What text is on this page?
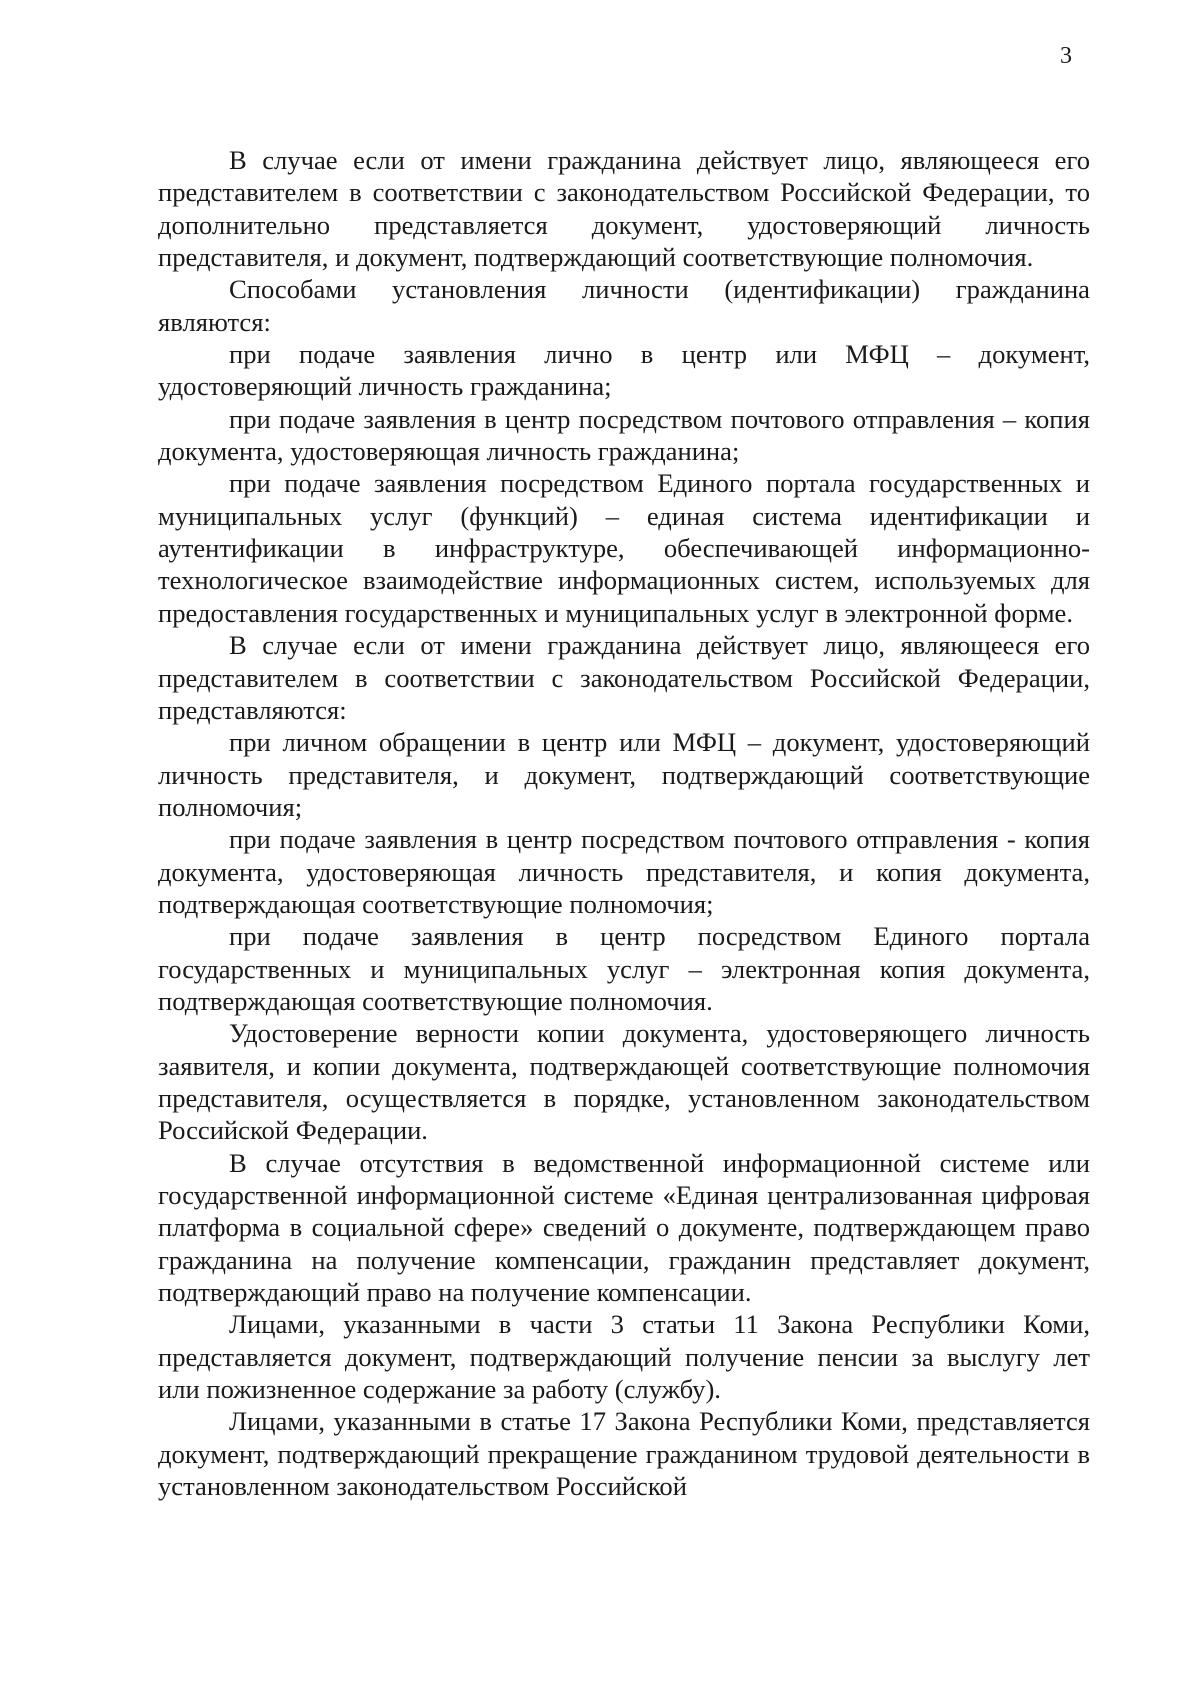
3

В случае если от имени гражданина действует лицо, являющееся его представителем в соответствии с законодательством Российской Федерации, то дополнительно представляется документ, удостоверяющий личность представителя, и документ, подтверждающий соответствующие полномочия.

Способами установления личности (идентификации) гражданина являются:

при подаче заявления лично в центр или МФЦ – документ, удостоверяющий личность гражданина;

при подаче заявления в центр посредством почтового отправления – копия документа, удостоверяющая личность гражданина;

при подаче заявления посредством Единого портала государственных и муниципальных услуг (функций) – единая система идентификации и аутентификации в инфраструктуре, обеспечивающей информационно-технологическое взаимодействие информационных систем, используемых для предоставления государственных и муниципальных услуг в электронной форме.

В случае если от имени гражданина действует лицо, являющееся его представителем в соответствии с законодательством Российской Федерации, представляются:

при личном обращении в центр или МФЦ – документ, удостоверяющий личность представителя, и документ, подтверждающий соответствующие полномочия;

при подаче заявления в центр посредством почтового отправления - копия документа, удостоверяющая личность представителя, и копия документа, подтверждающая соответствующие полномочия;

при подаче заявления в центр посредством Единого портала государственных и муниципальных услуг – электронная копия документа, подтверждающая соответствующие полномочия.

Удостоверение верности копии документа, удостоверяющего личность заявителя, и копии документа, подтверждающей соответствующие полномочия представителя, осуществляется в порядке, установленном законодательством Российской Федерации.

В случае отсутствия в ведомственной информационной системе или государственной информационной системе «Единая централизованная цифровая платформа в социальной сфере» сведений о документе, подтверждающем право гражданина на получение компенсации, гражданин представляет документ, подтверждающий право на получение компенсации.

Лицами, указанными в части 3 статьи 11 Закона Республики Коми, представляется документ, подтверждающий получение пенсии за выслугу лет или пожизненное содержание за работу (службу).

Лицами, указанными в статье 17 Закона Республики Коми, представляется документ, подтверждающий прекращение гражданином трудовой деятельности в установленном законодательством Российской
